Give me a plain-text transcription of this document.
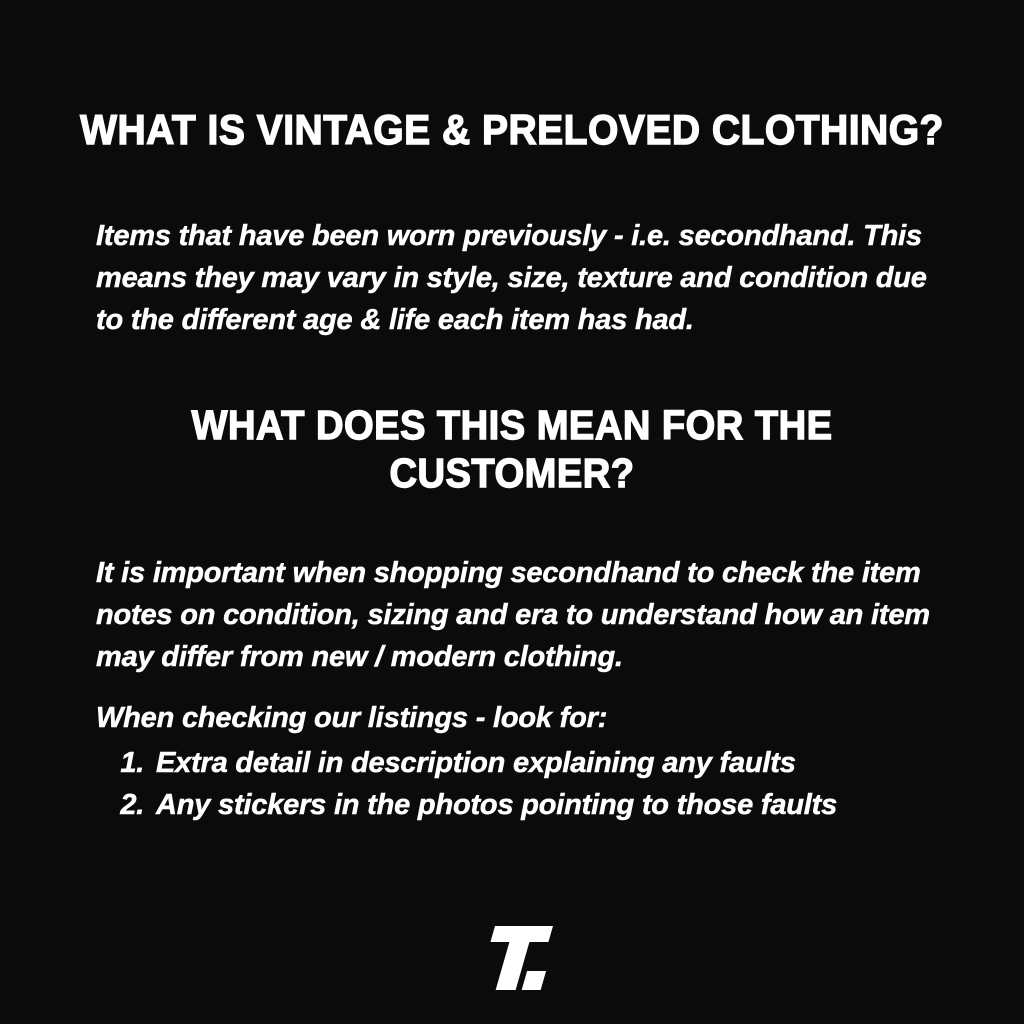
WHAT IS VINTAGE & PRELOVED CLOTHING?

Items that have been worn previously - i.e. secondhand. This means they may vary in style, size, texture and condition due to the different age & life each item has had.

WHAT DOES THIS MEAN FOR THE CUSTOMER?

It is important when shopping secondhand to check the item notes on condition, sizing and era to understand how an item may differ from new / modern clothing.

When checking our listings - look for:

1. Extra detail in description explaining any faults
2. Any stickers in the photos pointing to those faults
